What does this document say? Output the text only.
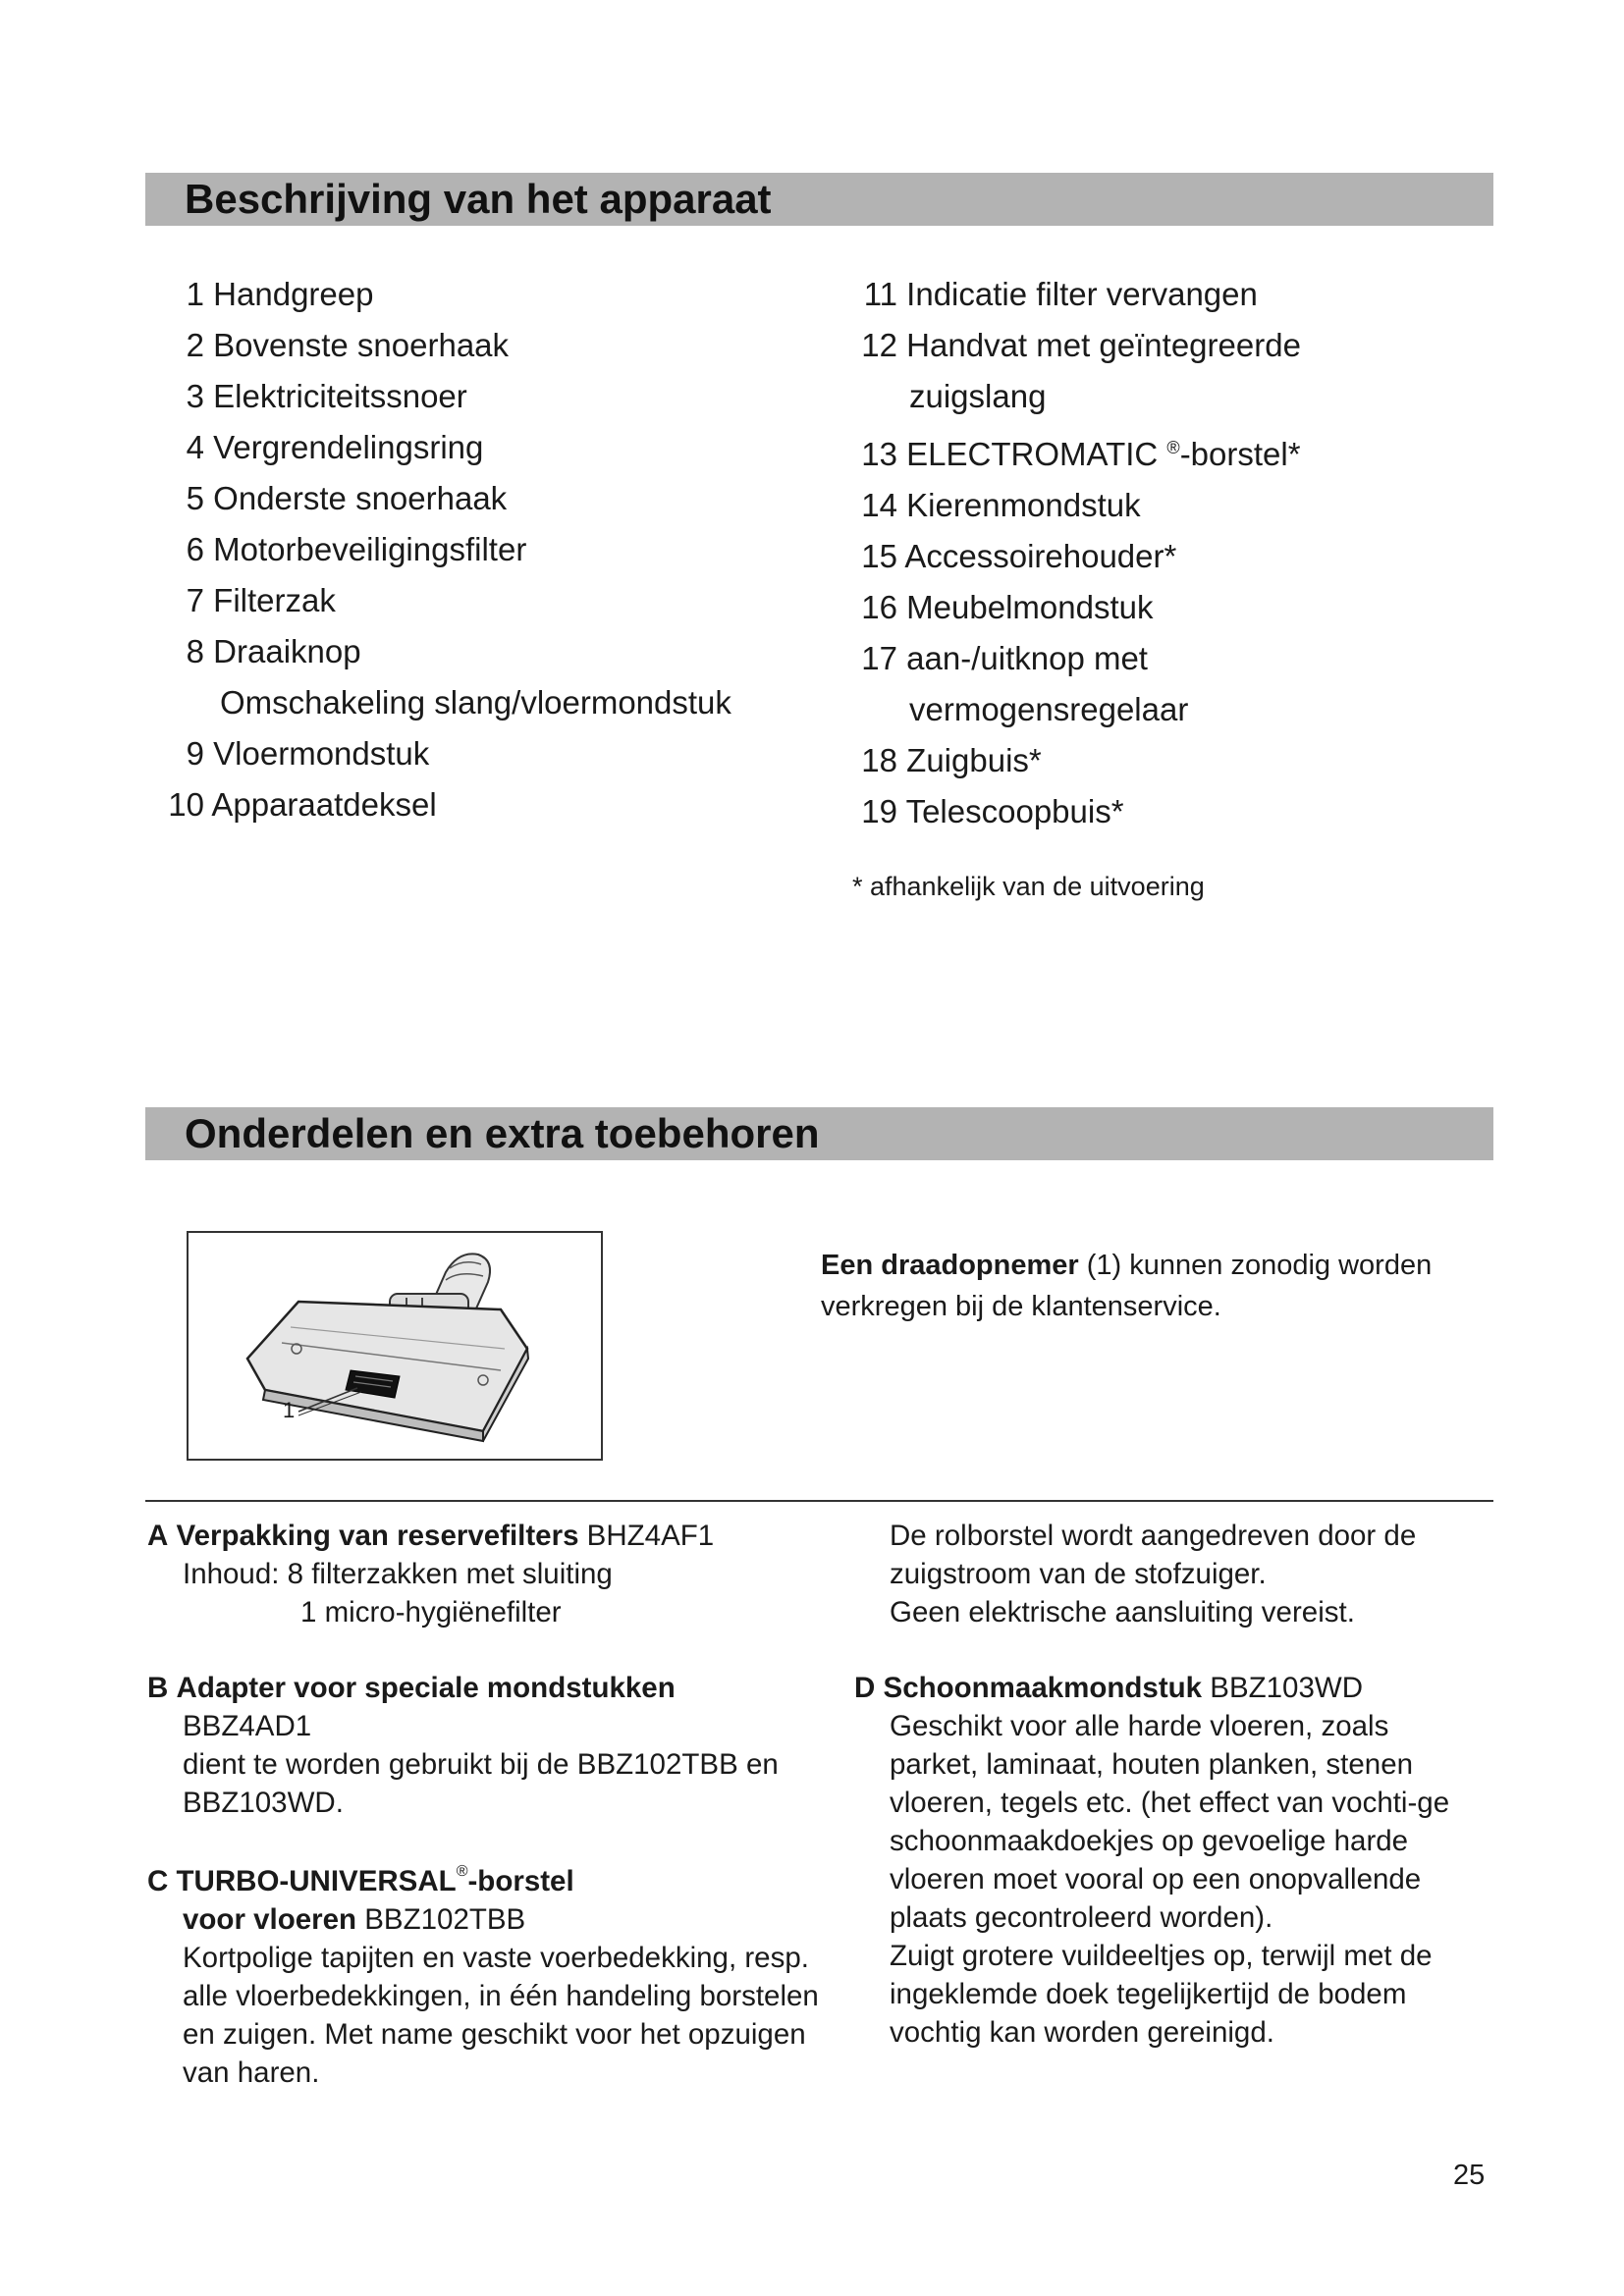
Beschrijving van het apparaat
1 Handgreep
2 Bovenste snoerhaak
3 Elektriciteitssnoer
4 Vergrendelingsring
5 Onderste snoerhaak
6 Motorbeveiligingsfilter
7 Filterzak
8 Draaiknop
Omschakeling slang/vloermondstuk
9 Vloermondstuk
10 Apparaatdeksel
11 Indicatie filter vervangen
12 Handvat met geïntegreerde
zuigslang
13 ELECTROMATIC ®-borstel*
14 Kierenmondstuk
15 Accessoirehouder*
16 Meubelmondstuk
17 aan-/uitknop met
vermogensregelaar
18 Zuigbuis*
19 Telescoopbuis*
* afhankelijk van de uitvoering
Onderdelen en extra toebehoren
1
Een draadopnemer (1) kunnen zonodig worden verkregen bij de klantenservice.

A Verpakking van reservefilters BHZ4AF1

Inhoud: 8 filterzakken met sluiting

1 micro-hygiënefilter

B Adapter voor speciale mondstukken

BBZ4AD1

dient te worden gebruikt bij de BBZ102TBB en BBZ103WD.

C TURBO-UNIVERSAL®-borstel

voor vloeren BBZ102TBB

Kortpolige tapijten en vaste voerbedekking, resp. alle vloerbedekkingen, in één handeling borstelen en zuigen. Met name geschikt voor het opzuigen van haren.

De rolborstel wordt aangedreven door de zuigstroom van de stofzuiger.

Geen elektrische aansluiting vereist.

D Schoonmaakmondstuk BBZ103WD

Geschikt voor alle harde vloeren, zoals parket, laminaat, houten planken, stenen vloeren, tegels etc. (het effect van vochti-ge schoonmaakdoekjes op gevoelige harde vloeren moet vooral op een onopvallende plaats gecontroleerd worden).

Zuigt grotere vuildeeltjes op, terwijl met de ingeklemde doek tegelijkertijd de bodem vochtig kan worden gereinigd.

25
